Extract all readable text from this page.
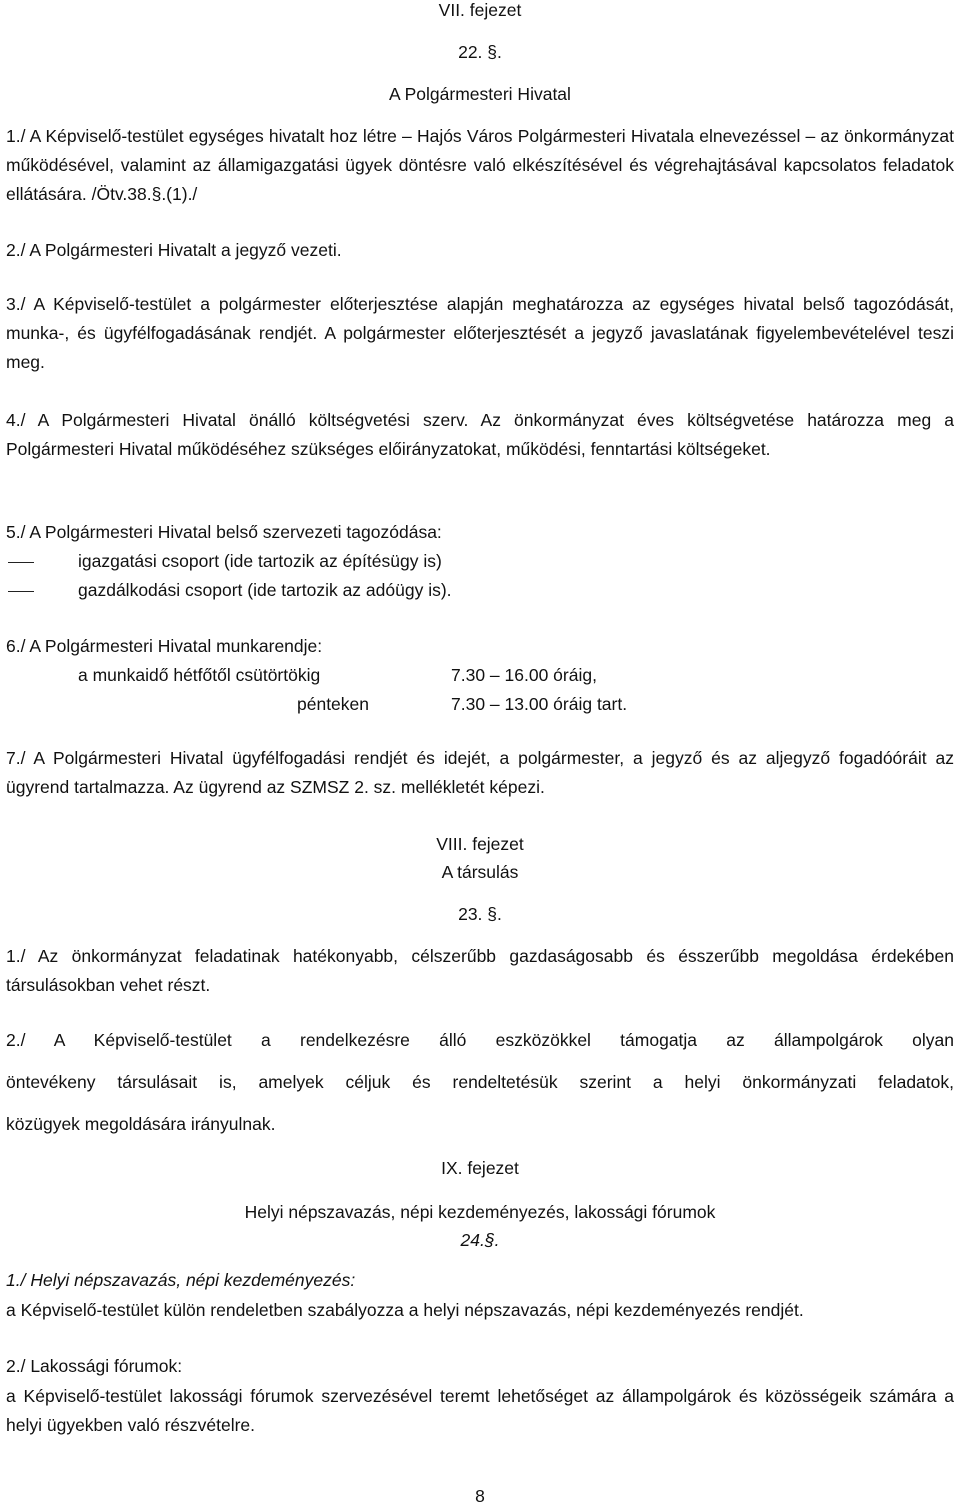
VII. fejezet

22. §.

A Polgármesteri Hivatal

1./ A Képviselő-testület egységes hivatalt hoz létre – Hajós Város Polgármesteri Hivatala elnevezéssel – az önkormányzat működésével, valamint az államigazgatási ügyek döntésre való elkészítésével és végrehajtásával kapcsolatos feladatok ellátására. /Ötv.38.§.(1)./

2./ A Polgármesteri Hivatalt a jegyző vezeti.

3./ A Képviselő-testület a polgármester előterjesztése alapján meghatározza az egységes hivatal belső tagozódását, munka-, és ügyfélfogadásának rendjét. A polgármester előterjesztését a jegyző javaslatának figyelembevételével teszi meg.

4./ A Polgármesteri Hivatal önálló költségvetési szerv. Az önkormányzat éves költségvetése határozza meg a Polgármesteri Hivatal működéséhez szükséges előirányzatokat, működési, fenntartási költségeket.

5./ A Polgármesteri Hivatal belső szervezeti tagozódása:

igazgatási csoport (ide tartozik az építésügy is)

gazdálkodási csoport (ide tartozik az adóügy is).

6./ A Polgármesteri Hivatal munkarendje:

a munkaidő hétfőtől csütörtökig	7.30 – 16.00 óráig,

pénteken	7.30 – 13.00 óráig tart.

7./ A Polgármesteri Hivatal ügyfélfogadási rendjét és idejét, a polgármester, a jegyző és az aljegyző fogadóóráit az ügyrend tartalmazza. Az ügyrend az SZMSZ 2. sz. mellékletét képezi.

VIII. fejezet

A társulás

23. §.

1./ Az önkormányzat feladatinak hatékonyabb, célszerűbb gazdaságosabb és ésszerűbb megoldása érdekében társulásokban vehet részt.

2./ A Képviselő-testület a rendelkezésre álló eszközökkel támogatja az állampolgárok olyan

öntevékeny társulásait is, amelyek céljuk és rendeltetésük szerint a helyi önkormányzati feladatok,

közügyek megoldására irányulnak.

IX. fejezet

Helyi népszavazás, népi kezdeményezés, lakossági fórumok

24.§.

1./ Helyi népszavazás, népi kezdeményezés:

a Képviselő-testület külön rendeletben szabályozza a helyi népszavazás, népi kezdeményezés rendjét.

2./ Lakossági fórumok:

a Képviselő-testület lakossági fórumok szervezésével teremt lehetőséget az állampolgárok és közösségeik számára a helyi ügyekben való részvételre.

8
